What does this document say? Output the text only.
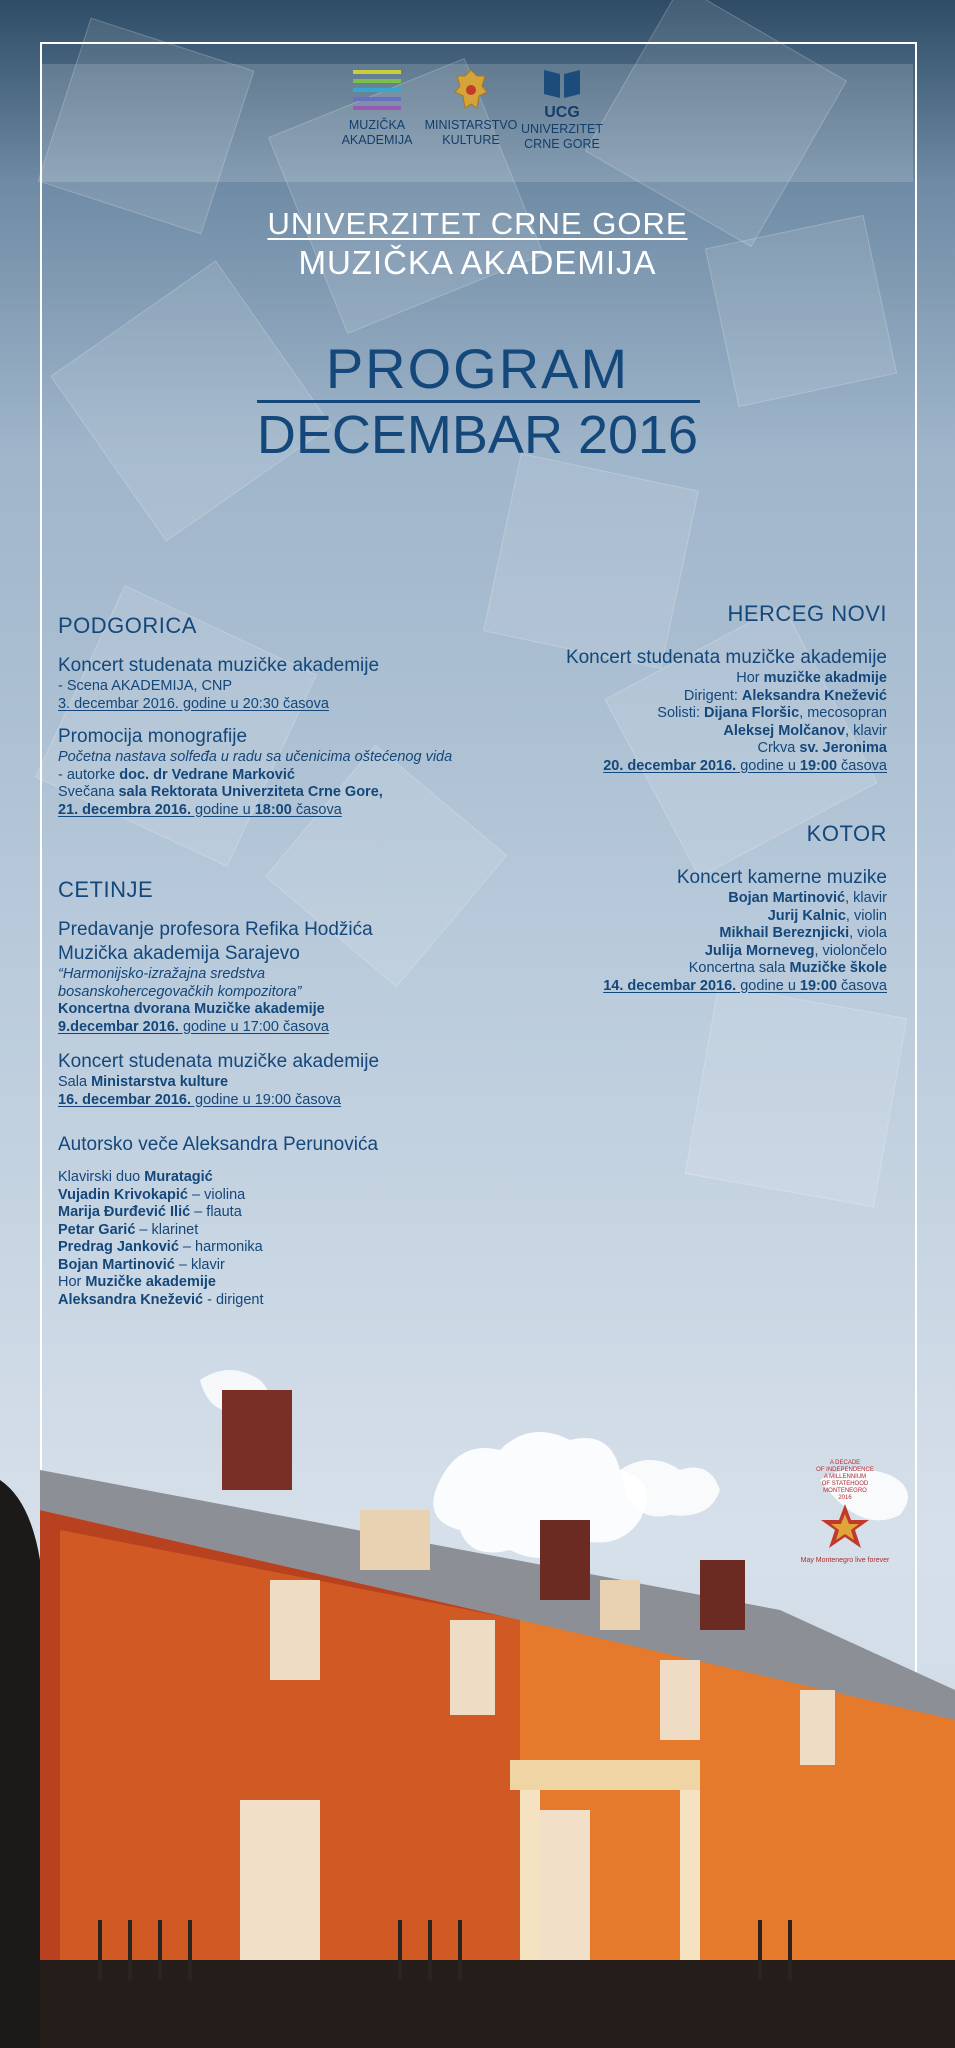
MUZIČKA
AKADEMIJA
MINISTARSTVO
KULTURE
UCG
UNIVERZITET
CRNE GORE
UNIVERZITET CRNE GORE
MUZIČKA AKADEMIJA
PROGRAM
DECEMBAR 2016
PODGORICA
Koncert studenata muzičke akademije
- Scena AKADEMIJA, CNP
3. decembar 2016. godine u 20:30 časova
Promocija monografije
Početna nastava solfeđa u radu sa učenicima oštećenog vida
- autorke doc. dr Vedrane Marković
Svečana sala Rektorata Univerziteta Crne Gore,
21. decembra 2016. godine u 18:00 časova
CETINJE
Predavanje profesora Refika Hodžića
Muzička akademija Sarajevo
“Harmonijsko-izražajna sredstva
bosanskohercegovačkih kompozitora”
Koncertna dvorana Muzičke akademije
9.decembar 2016. godine u 17:00 časova
Koncert studenata muzičke akademije
Sala Ministarstva kulture
16. decembar 2016. godine u 19:00 časova
Autorsko veče Aleksandra Perunovića
Klavirski duo Muratagić
Vujadin Krivokapić – violina
Marija Đurđević Ilić – flauta
Petar Garić – klarinet
Predrag Janković – harmonika
Bojan Martinović – klavir
Hor Muzičke akademije
Aleksandra Knežević - dirigent
HERCEG NOVI
Koncert studenata muzičke akademije
Hor muzičke akadmije
Dirigent: Aleksandra Knežević
Solisti: Dijana Floršic, mecosopran
Aleksej Molčanov, klavir
Crkva sv. Jeronima
20. decembar 2016. godine u 19:00 časova
KOTOR
Koncert kamerne muzike
Bojan Martinović, klavir
Jurij Kalnic, violin
Mikhail Bereznjicki, viola
Julija Morneveg, violončelo
Koncertna sala Muzičke škole
14. decembar 2016. godine u 19:00 časova
A DECADE
OF INDEPENDENCE
A MILLENNIUM
OF STATEHOOD
MONTENEGRO
2016
May Montenegro live forever
